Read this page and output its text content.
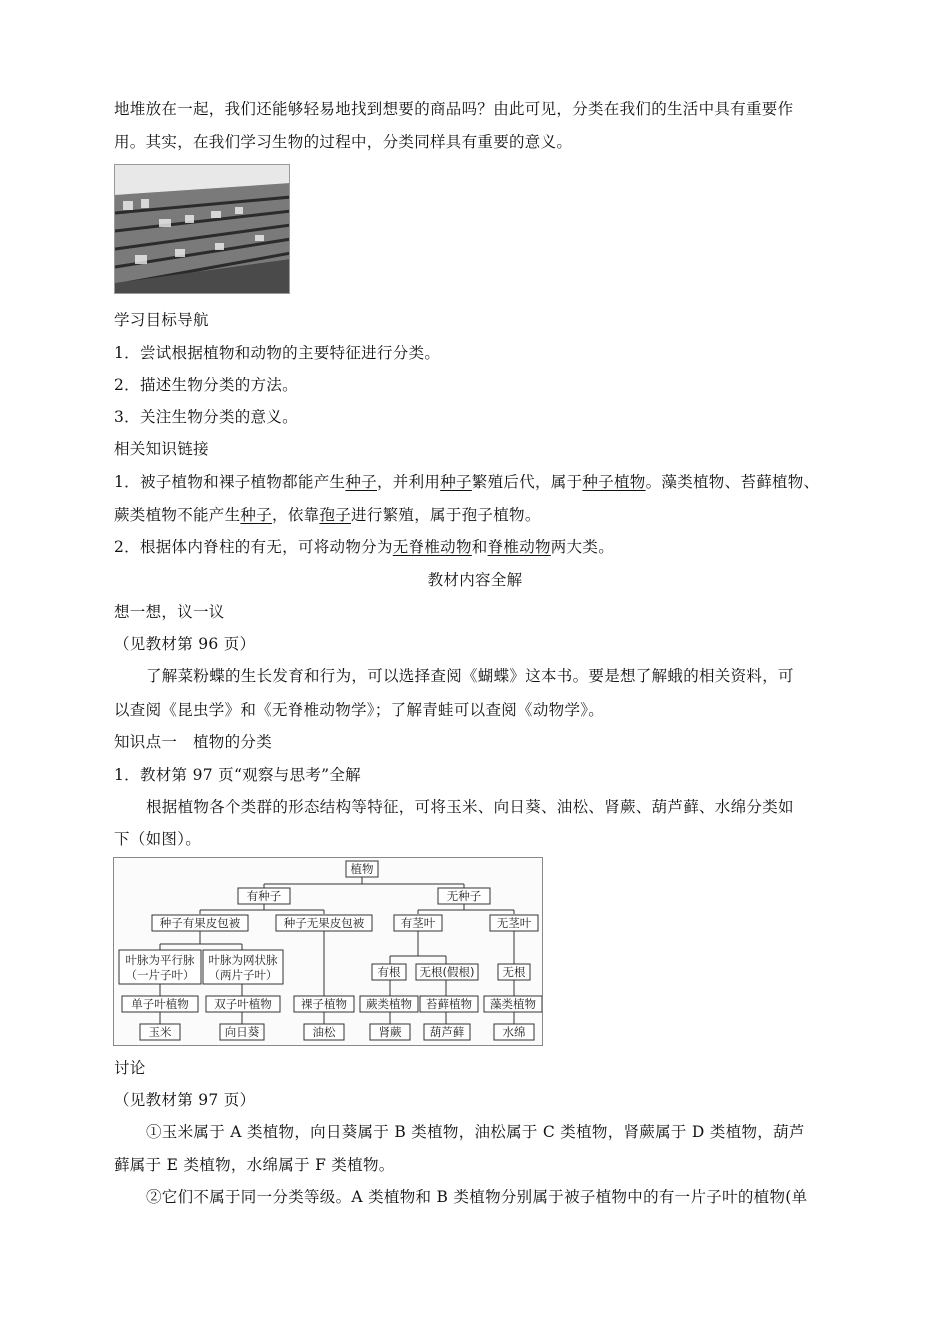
地堆放在一起，我们还能够轻易地找到想要的商品吗？由此可见，分类在我们的生活中具有重要作
用。其实，在我们学习生物的过程中，分类同样具有重要的意义。
学习目标导航
1．尝试根据植物和动物的主要特征进行分类。
2．描述生物分类的方法。
3．关注生物分类的意义。
相关知识链接
1．被子植物和裸子植物都能产生种子，并利用种子繁殖后代，属于种子植物。藻类植物、苔藓植物、
蕨类植物不能产生种子，依靠孢子进行繁殖，属于孢子植物。
2．根据体内脊柱的有无，可将动物分为无脊椎动物和脊椎动物两大类。
教材内容全解
想一想，议一议
（见教材第 96 页）
了解菜粉蝶的生长发育和行为，可以选择查阅《蝴蝶》这本书。要是想了解蛾的相关资料，可
以查阅《昆虫学》和《无脊椎动物学》；了解青蛙可以查阅《动物学》。
知识点一　植物的分类
1．教材第 97 页“观察与思考”全解
根据植物各个类群的形态结构等特征，可将玉米、向日葵、油松、肾蕨、葫芦藓、水绵分类如
下（如图）。
植物
有种子	无种子
种子有果皮包被	种子无果皮包被	有茎叶	无茎叶
叶脉为平行脉
（一片子叶）
叶脉为网状脉
（两片子叶）	有根 无根(假根) 无根
单子叶植物 双子叶植物	裸子植物 蕨类植物 苔藓植物 藻类植物
玉米	向日葵	油松	肾蕨 葫芦藓	水绵
讨论
（见教材第 97 页）
①玉米属于 A 类植物，向日葵属于 B 类植物，油松属于 C 类植物，肾蕨属于 D 类植物，葫芦
藓属于 E 类植物，水绵属于 F 类植物。
②它们不属于同一分类等级。A 类植物和 B 类植物分别属于被子植物中的有一片子叶的植物(单
